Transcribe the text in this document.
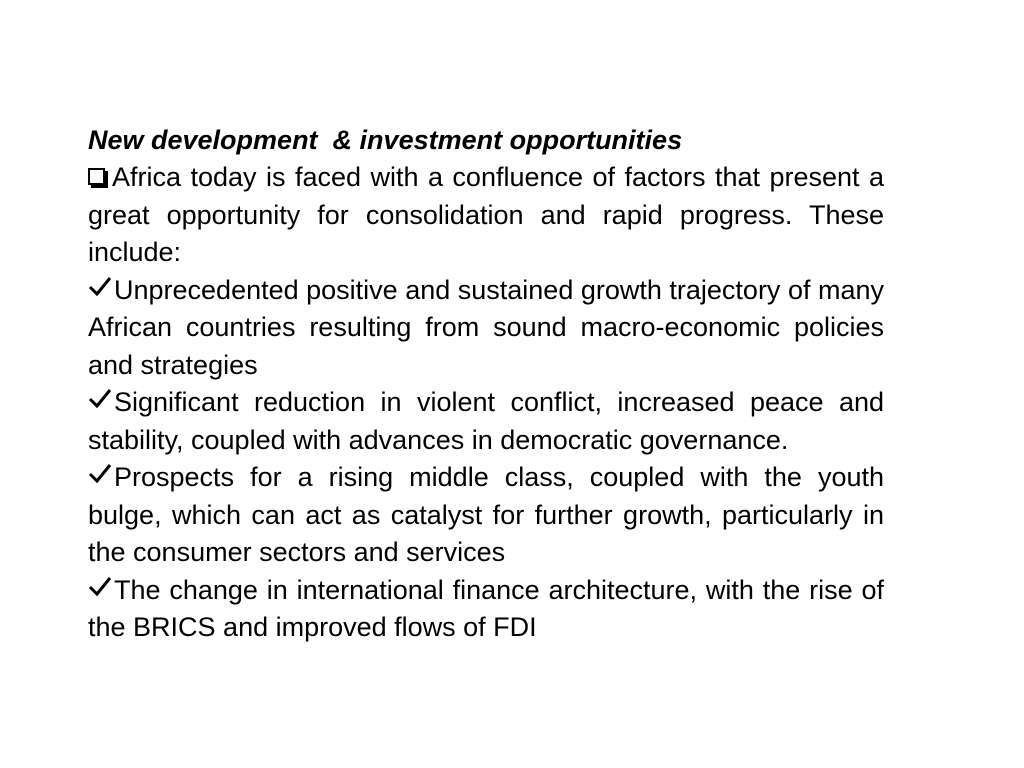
New development  & investment opportunities

Africa today is faced with a confluence of factors that present a great opportunity for consolidation and rapid progress. These include:

Unprecedented positive and sustained growth trajectory of many African countries resulting from sound macro-economic policies and strategies

Significant reduction in violent conflict, increased peace and stability, coupled with advances in democratic governance.

Prospects for a rising middle class, coupled with the youth bulge, which can act as catalyst for further growth, particularly in the consumer sectors and services

The change in international finance architecture, with the rise of the BRICS and improved flows of FDI
